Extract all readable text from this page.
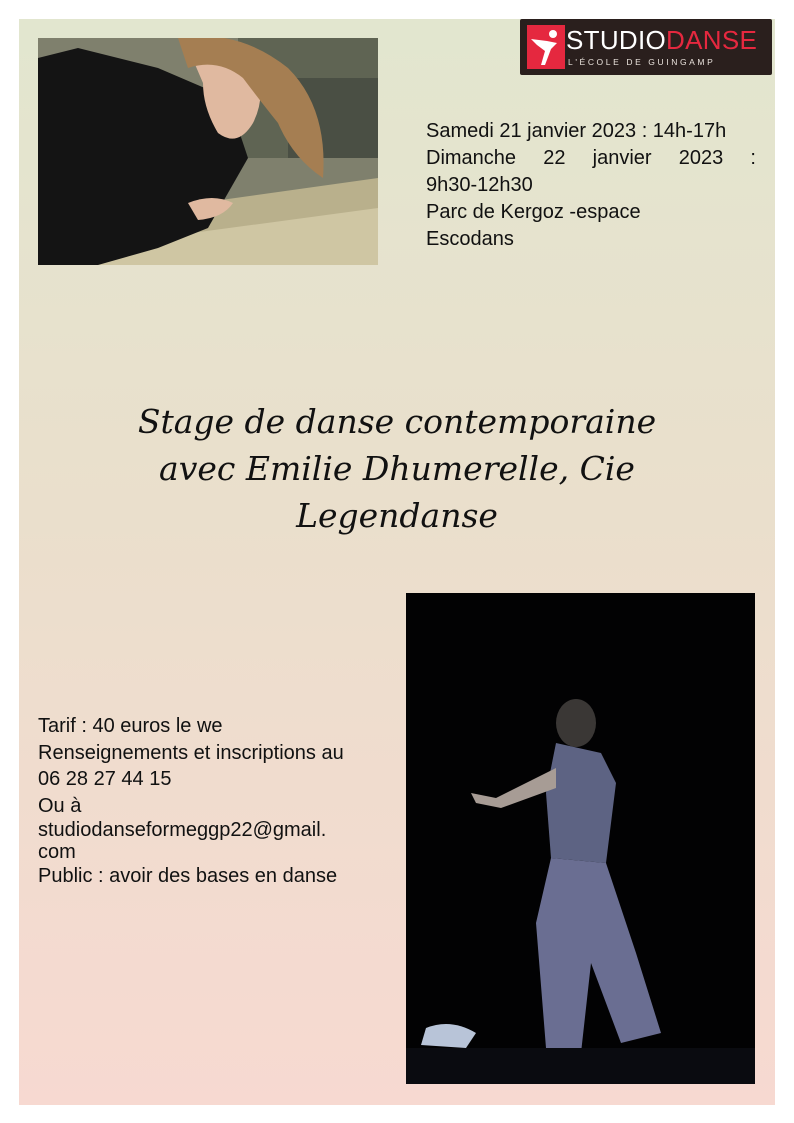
STUDIODANSE
L'ÉCOLE DE GUINGAMP
Samedi 21 janvier 2023 : 14h-17h
Dimanche 22 janvier 2023 :
9h30-12h30
Parc de Kergoz -espace
Escodans
Stage de danse contemporaine
avec Emilie Dhumerelle, Cie
Legendanse
Tarif : 40 euros le we
Renseignements et inscriptions au
06 28 27 44 15
Ou à
studiodanseformeggp22@gmail.
com
Public : avoir des bases en danse
